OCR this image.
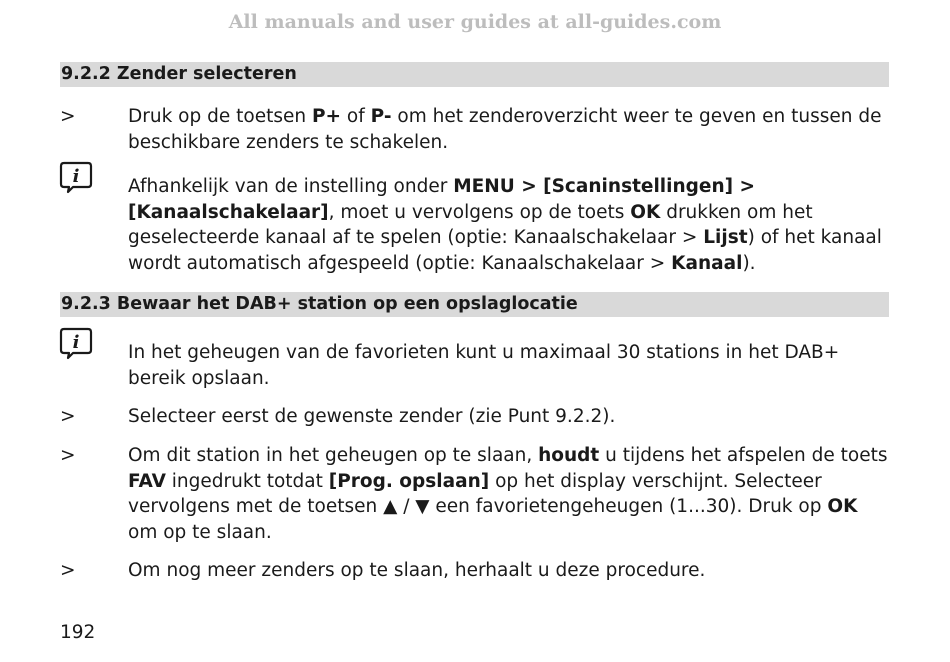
All manuals and user guides at all-guides.com
9.2.2 Zender selecteren
>	Druk op de toetsen P+ of P- om het zenderoverzicht weer te geven en tussen de beschikbare zenders te schakelen.
i	Afhankelijk van de instelling onder MENU > [Scaninstellingen] > [Kanaalschakelaar], moet u vervolgens op de toets OK drukken om het geselecteerde kanaal af te spelen (optie: Kanaalschakelaar > Lijst) of het kanaal wordt automatisch afgespeeld (optie: Kanaalschakelaar > Kanaal).
9.2.3 Bewaar het DAB+ station op een opslaglocatie
i	In het geheugen van de favorieten kunt u maximaal 30 stations in het DAB+ bereik opslaan.
>	Selecteer eerst de gewenste zender (zie Punt 9.2.2).
>	Om dit station in het geheugen op te slaan, houdt u tijdens het afspelen de toets FAV ingedrukt totdat [Prog. opslaan] op het display verschijnt. Selecteer vervolgens met de toetsen ▲ / ▼ een favorietengeheugen (1...30). Druk op OK om op te slaan.
>	Om nog meer zenders op te slaan, herhaalt u deze procedure.
192
